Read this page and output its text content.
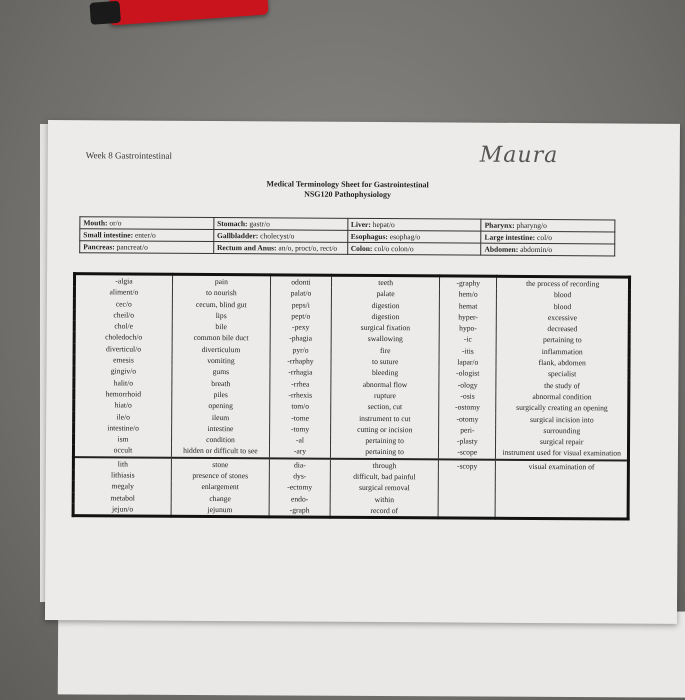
Week 8 Gastrointestinal	Maura
Medical Terminology Sheet for Gastrointestinal
NSG120 Pathophysiology
Mouth: or/o	Stomach: gastr/o	Liver: hepat/o	Pharynx: pharyng/o
Small intestine: enter/o	Gallbladder: cholecyst/o	Esophagus: esophag/o	Large intestine: col/o
Pancreas: pancreat/o	Rectum and Anus: an/o, proct/o, rect/o	Colon: col/o colon/o	Abdomen: abdomin/o
-algia	pain	odonti	teeth	-graphy	the process of recording
aliment/o	to nourish	palat/o	palate	hem/o	blood
cec/o	cecum, blind gut	peps/i	digestion	hemat	blood
cheil/o	lips	pept/o	digestion	hyper-	excessive
chol/e	bile	-pexy	surgical fixation	hypo-	decreased
choledoch/o	common bile duct	-phagia	swallowing	-ic	pertaining to
diverticul/o	diverticulum	pyr/o	fire	-itis	inflammation
emesis	vomiting	-rrhaphy	to suture	lapar/o	flank, abdomen
gingiv/o	gums	-rrhagia	bleeding	-ologist	specialist
halit/o	breath	-rrhea	abnormal flow	-ology	the study of
hemorrhoid	piles	-rrhexis	rupture	-osis	abnormal condition
hiat/o	opening	tom/o	section, cut	-ostomy	surgically creating an opening
ile/o	ileum	-tome	instrument to cut	-otomy	surgical incision into
intestine/o	intestine	-tomy	cutting or incision	peri-	surrounding
ism	condition	-al	pertaining to	-plasty	surgical repair
occult	hidden or difficult to see	-ary	pertaining to	-scope	instrument used for visual examination
lith	stone	dia-	through	-scopy	visual examination of
lithiasis	presence of stones	dys-	difficult, bad painful		
megaly	enlargement	-ectomy	surgical removal		
metabol	change	endo-	within		
jejun/o	jejunum	-graph	record of		
